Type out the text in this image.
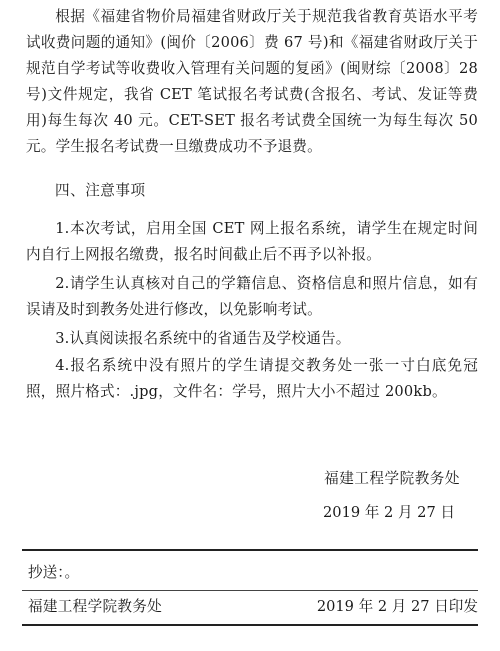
根据《福建省物价局福建省财政厅关于规范我省教育英语水平考试收费问题的通知》(闽价〔2006〕费 67 号)和《福建省财政厅关于规范自学考试等收费收入管理有关问题的复函》(闽财综〔2008〕28 号)文件规定，我省 CET 笔试报名考试费(含报名、考试、发证等费用)每生每次 40 元。CET-SET 报名考试费全国统一为每生每次 50 元。学生报名考试费一旦缴费成功不予退费。

四、注意事项

1.本次考试，启用全国 CET 网上报名系统，请学生在规定时间内自行上网报名缴费，报名时间截止后不再予以补报。

2.请学生认真核对自己的学籍信息、资格信息和照片信息，如有误请及时到教务处进行修改，以免影响考试。

3.认真阅读报名系统中的省通告及学校通告。

4.报名系统中没有照片的学生请提交教务处一张一寸白底免冠照，照片格式：.jpg，文件名：学号，照片大小不超过 200kb。

福建工程学院教务处

2019 年 2 月 27 日

抄送：。

福建工程学院教务处	2019 年 2 月 27 日印发
